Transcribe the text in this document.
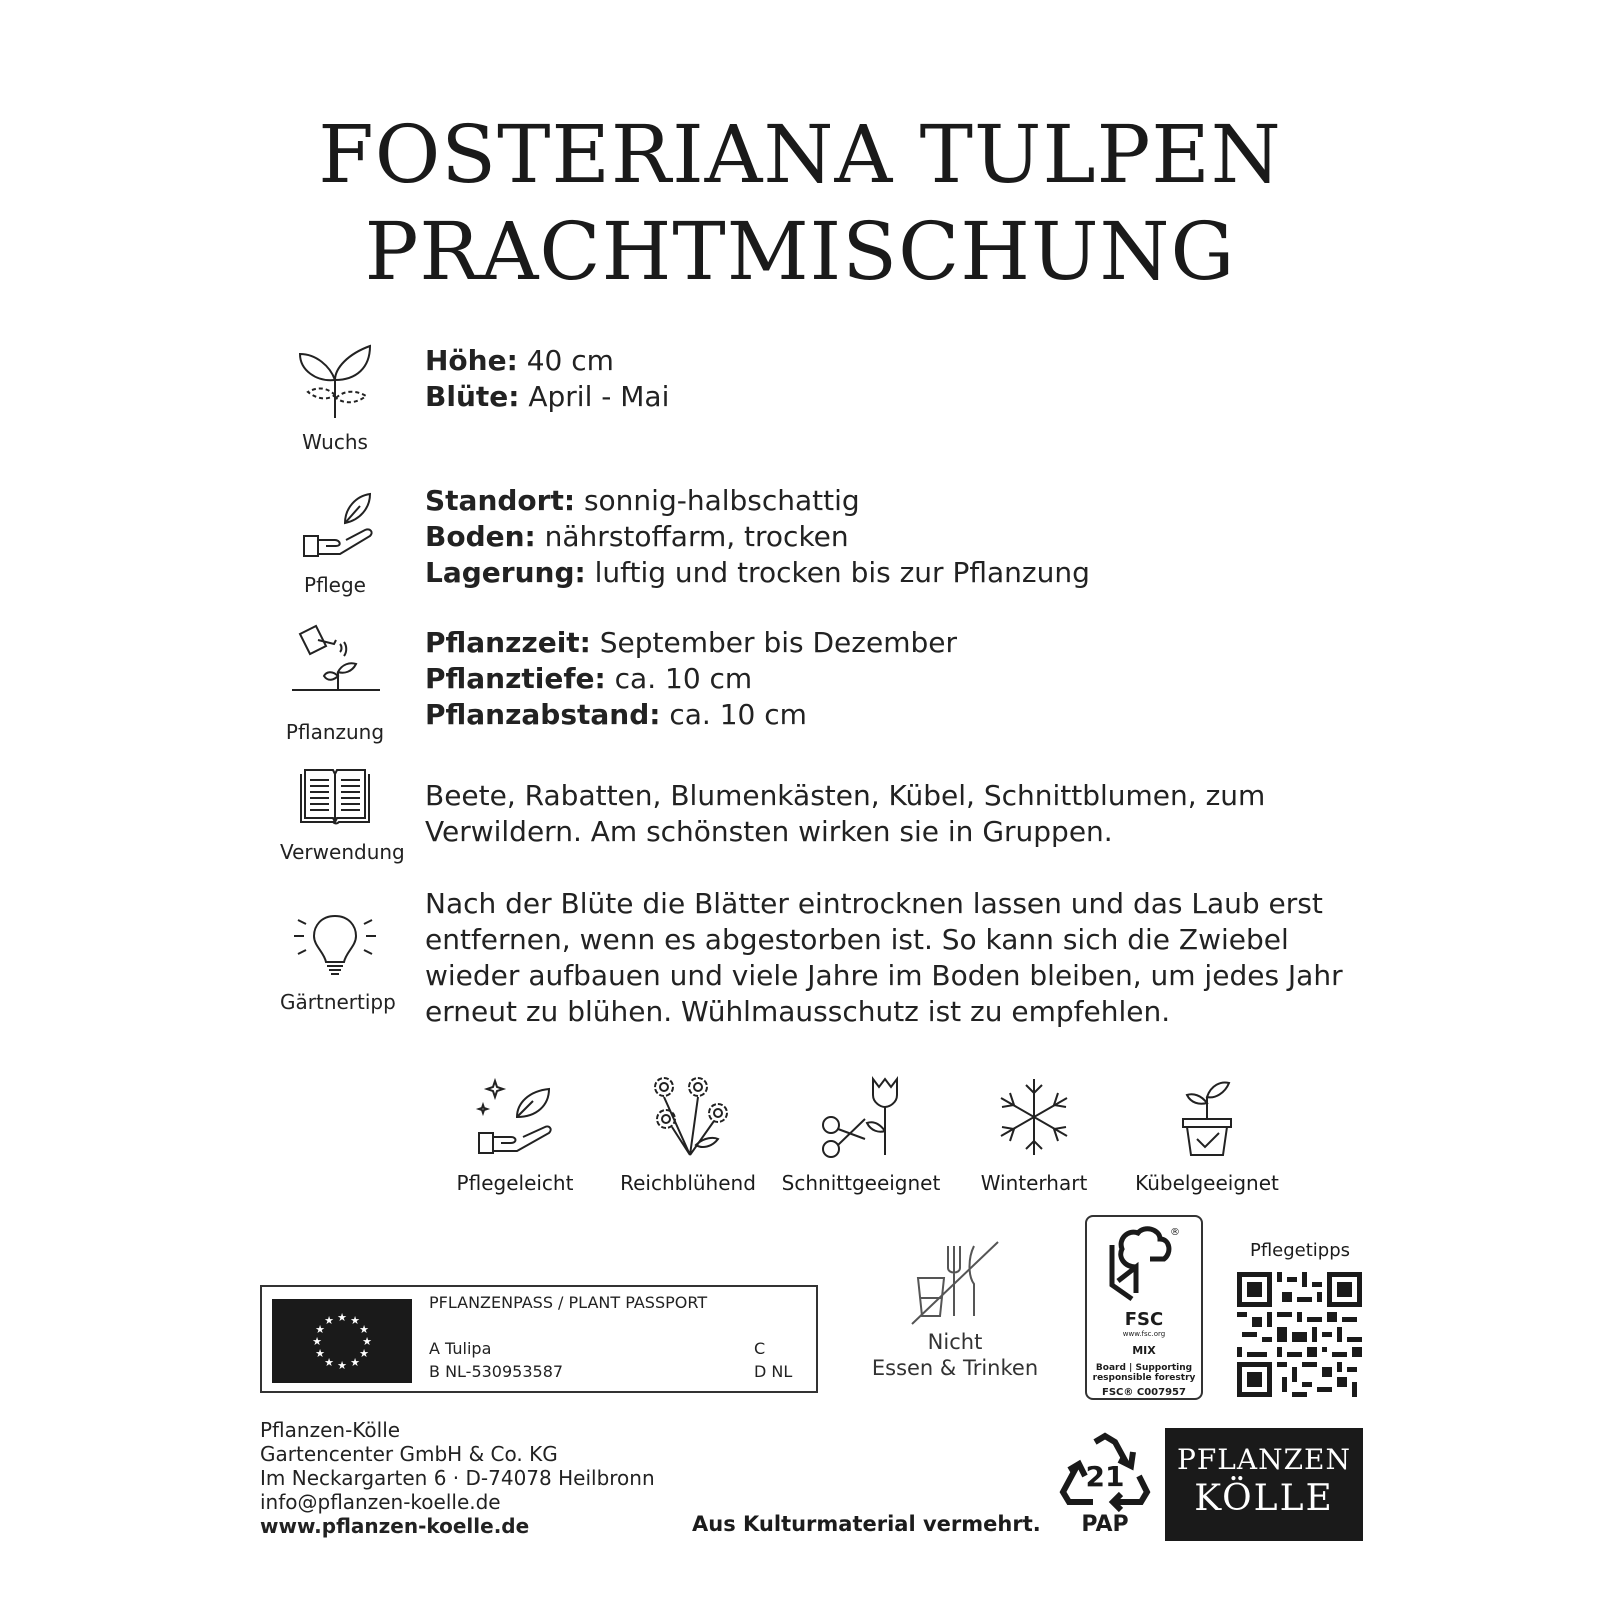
FOSTERIANA TULPEN
PRACHTMISCHUNG
Wuchs
Höhe: 40 cm
Blüte: April - Mai
Pflege
Standort: sonnig-halbschattig
Boden: nährstoffarm, trocken
Lagerung: luftig und trocken bis zur Pflanzung
Pflanzung
Pflanzzeit: September bis Dezember
Pflanztiefe: ca. 10 cm
Pflanzabstand: ca. 10 cm
Verwendung
Beete, Rabatten, Blumenkästen, Kübel, Schnittblumen, zum
Verwildern. Am schönsten wirken sie in Gruppen.
Gärtnertipp
Nach der Blüte die Blätter eintrocknen lassen und das Laub erst
entfernen, wenn es abgestorben ist. So kann sich die Zwiebel
wieder aufbauen und viele Jahre im Boden bleiben, um jedes Jahr
erneut zu blühen. Wühlmausschutz ist zu empfehlen.
Pflegeleicht	Reichblühend	Schnittgeeignet	Winterhart	Kübelgeeignet
★ ★
★
★
★
★
★
★
★
★
★
★
PFLANZENPASS / PLANT PASSPORT
A Tulipa
B NL-530953587
C
D NL
Nicht
Essen & Trinken
®
FSC
www.fsc.org
MIX
Board | Supporting
responsible forestry
FSC® C007957
Pflegetipps
Pflanzen-Kölle
Gartencenter GmbH & Co. KG
Im Neckargarten 6 · D-74078 Heilbronn
info@pflanzen-koelle.de
www.pflanzen-koelle.de	Aus Kulturmaterial vermehrt.
21
PAP
PFLANZEN
KÖLLE
